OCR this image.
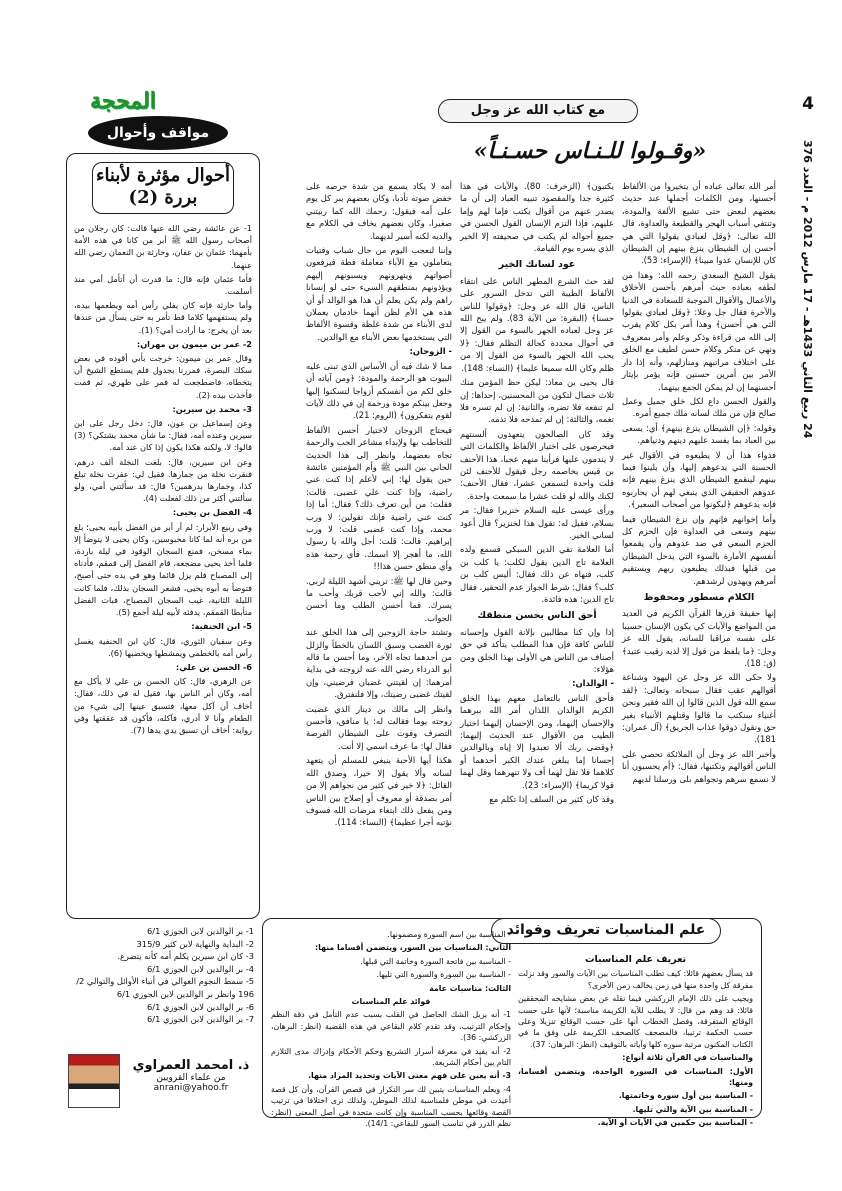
4
24 ربيع الثاني 1433هـ - 17 مارس 2012 م - العدد 376
المحجة
مواقف وأحوال
مع كتاب الله عز وجل
«وقـولوا للـنـاس حسـنـاً»

أمر الله تعالى عباده أن يتخيروا من الألفاظ أحسنها، ومن الكلمات أجملها عند حديث بعضهم لبعض حتى تشيع الألفة والمودة، وتنتفي أسباب الهجر والقطيعة والعداوة، قال الله تعالى: ﴿وقل لعبادي يقولوا التي هي أحسن إن الشيطان ينزغ بينهم إن الشيطان كان للإنسان عدوا مبينا﴾ (الإسراء: 53).

يقول الشيخ السعدي رحمه الله: وهذا من لطفه بعباده حيث أمرهم بأحسن الأخلاق والأعمال والأقوال الموجبة للسعادة في الدنيا والآخرة فقال جل وعلا: ﴿وقل لعبادي يقولوا التي هي أحسن﴾ وهذا أمر بكل كلام يقرب إلى الله من قراءة وذكر وعلم وأمر بمعروف ونهي عن منكر وكلام حسن لطيف مع الخلق على اختلاف مراتبهم ومنازلهم، وأنه إذا دار الأمر بين أمرين حسنين فإنه يؤمر بإيثار أحسنهما إن لم يمكن الجمع بينهما.

والقول الحسن داع لكل خلق جميل وعمل صالح فإن من ملك لسانه ملك جميع أمره.

وقوله: ﴿إن الشيطان ينزغ بينهم﴾ أي: يسعى بين العباد بما يفسد عليهم دينهم ودنياهم.

فدواء هذا أن لا يطيعوه في الأقوال غير الحسنة التي يدعوهم إليها، وأن يلينوا فيما بينهم لينقمع الشيطان الذي ينزغ بينهم فإنه عدوهم الحقيقي الذي ينبغي لهم أن يحاربوه فإنه يدعوهم ﴿ليكونوا من أصحاب السعير﴾.

وأما إخوانهم فإنهم وإن نزغ الشيطان فيما بينهم وسعى في العداوة فإن الحزم كل الحزم السعي في ضد عدوهم وأن يقمعوا أنفسهم الأمارة بالسوء التي يدخل الشيطان من قبلها فبذلك يطيعون ربهم ويستقيم أمرهم ويهدون لرشدهم.

الكلام مسطور ومحفوظ

إنها حقيقة قررها القرآن الكريم في العديد من المواضع والآيات كي يكون الإنسان حسيبا على نفسه مراقبا للسانه، يقول الله عز وجل: ﴿ما يلفظ من قول إلا لديه رقيب عتيد﴾ (ق: 18).

ولا حكى الله عز وجل عن اليهود وشناعة أقوالهم عقب فقال سبحانه وتعالى: ﴿لقد سمع الله قول الذين قالوا إن الله فقير ونحن أغنياء سنكتب ما قالوا وقتلهم الأنبياء بغير حق ونقول ذوقوا عذاب الحريق﴾ (آل عمران: 181).

وأخبر الله عز وجل أن الملائكة تحصي على الناس أقوالهم وتكتبها، فقال: ﴿أم يحسبون أنا لا نسمع سرهم ونجواهم بلى ورسلنا لديهم

يكتبون﴾ (الزخرف: 80). والآيات في هذا كثيرة جدا والمقصود تنبيه العباد إلى أن ما يصدر عنهم من أقوال يكتب فإما لهم وإما عليهم، فإذا التزم الإنسان القول الحسن في جميع أحواله لم يكتب في صحيفته إلا الخير الذي يسره يوم القيامة.

عود لسانك الخير

لقد حث الشرع المطهر الناس على انتقاء الألفاظ الطيبة التي تدخل السرور على الناس، قال الله عز وجل: ﴿وقولوا للناس حسنا﴾ (البقرة: من الآية 83). ولم يبح الله عز وجل لعباده الجهر بالسوء من القول إلا في أحوال محددة كحالة التظلم فقال: ﴿لا يحب الله الجهر بالسوء من القول إلا من ظلم وكان الله سميعا عليما﴾ (النساء: 148).

قال يحيى بن معاذ: ليكن حظ المؤمن منك ثلاث خصال لتكون من المحسنين، إحداها: إن لم تنفعه فلا تضره، والثانية: إن لم تسره فلا تغمه، والثالثة: إن لم تمدحه فلا تذمه.

وقد كان الصالحون يتعهدون ألسنتهم فيحرصون على اختيار الألفاظ والكلمات التي لا يندمون عليها فرأينا منهم عجبا، هذا الأحنف بن قيس بخاصمه رجل فيقول للأحنف لئن قلت واحدة لتسمعن عشرا، فقال الأحنف: لكنك والله لو قلت عشرا ما سمعت واحدة.

ورأى عيسى عليه السلام خنزيرا فقال: مر بسلام، فقيل له: تقول هذا لخنزير؟ قال أعود لساني الخير.

أما العلامة تقي الدين السبكي فسمع ولده العلامة تاج الدين يقول لكلب: يا كلب بن كلب، فنهاه عن ذلك فقال: أليس كلب بن كلب؟ فقال: شرط الجواز عدم التحقير. فقال تاج الدين: هذه فائدة.

أحق الناس بحسن منطقك

إذا وإن كنا مطالبين بإلانة القول وإحسانه للناس كافة فإن هذا المطلب يتأكد في حق أصناف من الناس هي الأولى بهذا الخلق ومن هؤلاء:

- الوالدان:

فأحق الناس بالتعامل معهم بهذا الخلق الكريم الوالدان اللذان أمر الله ببرهما والإحسان إليهما، ومن الإحسان إليهما اختيار الطيب من الأقوال عند الحديث إليهما: ﴿وقضى ربك ألا تعبدوا إلا إياه وبالوالدين إحسانا إما يبلغن عندك الكبر أحدهما أو كلاهما فلا تقل لهما أف ولا تنهرهما وقل لهما قولا كريما﴾ (الإسراء: 23).

وقد كان كثير من السلف إذا تكلم مع

أمه لا يكاد يسمع من شدة حرصه على خفض صوته تأدبا، وكان بعضهم يبر كل يوم على أمه فيقول: رحمك الله كما ربيتني صغيرا، وكان بعضهم يخاف في الكلام مع والديه لكنه أسير لديهما.

وإننا لنعجب اليوم من حال شباب وفتيات يتعاملون مع الآباء معاملة فظة فيرفعون أصواتهم وينهرونهم ويسبونهم إليهم ويؤذونهم بمنطقهم السيء حتى لو إنسانا راهم ولم يكن يعلم أن هذا هو الوالد أو أن هذه هي الأم لظن أنهما خادمان يعملان لدى الأبناء من شدة غلظة وقسوة الألفاظ التي يستخدمها بعض الأبناء مع الوالدين.

- الزوجان:

مما لا شك فيه أن الأساس الذي تبنى عليه البيوت هو الرحمة والمودة: ﴿ومن آياته أن خلق لكم من أنفسكم أزواجا لتسكنوا إليها وجعل بينكم مودة ورحمة إن في ذلك لآيات لقوم يتفكرون﴾ (الروم: 21).

فيحتاج الزوجان لاختيار أحسن الألفاظ للتخاطب بها ولإبداء مشاعر الحب والرحمة تجاه بعضهما، وانظر إلى هذا الحديث الحاني بين النبي ﷺ وأم المؤمنين عائشة حين يقول لها: إني لأعلم إذا كنت عني راضية، وإذا كنت علي غضبى. قالت: فقلت: من أين تعرف ذلك؟ فقال: أما إذا كنت عني راضية فإنك تقولين: لا ورب محمد، وإذا كنت غضبى قلت: لا ورب إبراهيم. قالت: قلت: أجل والله يا رسول الله، ما أهجر إلا اسمك. فأي رحمة هذه وأي منطق حسن هذا!!

وحين قال لها ﷺ: تريني أشهد الليلة لربي. قالت: والله إني لأحب قربك وأحب ما يسرك. فما أحسن الطلب وما أحسن الجواب.

وتشتد حاجة الزوجين إلى هذا الخلق عند ثورة الغضب وسبق اللسان بالخطأ والزلل من أحدهما تجاه الآخر، وما أحسن ما قاله أبو الدرداء رضي الله عنه لزوجته في بداية أمرهما: إن لقيتني غضبان فرضيني، وإن لقيتك غضبى رضيتك، وإلا فلنفترق.

وانظر إلى مالك بن دينار الذي غضبت زوجته يوما فقالت له: يا منافق، فأحسن التصرف وفوت على الشيطان الفرصة فقال لها: ما عرف اسمي إلا أنت.

هكذا أيها الأحبة ينبغي للمسلم أن يتعهد لسانه وألا يقول إلا خيرا، وصدق الله القائل: ﴿لا خير في كثير من نجواهم إلا من أمر بصدقة أو معروف أو إصلاح بين الناس ومن يفعل ذلك ابتغاء مرضات الله فسوف نؤتيه أجرا عظيما﴾ (النساء: 114).

أحوال مؤثرة لأبناء بررة (2)

1- عن عائشة رضي الله عنها قالت: كان رجلان من أصحاب رسول الله ﷺ أبر من كانا في هذه الأمة بأمهما: عثمان بن عفان، وحارثة بن النعمان رضي الله عنهما.

فأما عثمان فإنه قال: ما قدرت أن أتأمل أمي منذ أسلمت.

وأما حارثة فإنه كان يفلي رأس أمه ويطعمها بيده، ولم يستفهمها كلاما قط تأمر به حتى يسأل من عندها بعد أن يخرج: ما أرادت أمي؟ (1).

2- عمر بن ميمون بن مهران:

وقال عمر بن ميمون: خرجت بأبي أقوده في بعض سكك البصرة، فمررنا بجدول فلم يستطع الشيخ أن يتخطاه، فاضطجعت له فمر على ظهري، ثم قمت فأخذت بيده (2).

3- محمد بن سيرين:

وعن إسماعيل بن عون، قال: دخل رجل على ابن سيرين وعنده أمه، فقال: ما شأن محمد يشتكي؟ (3) قالوا: لا، ولكنه هكذا يكون إذا كان عند أمه.

وعن ابن سيرين، قال: بلغت النخلة ألف درهم، فنقرت نخلة من جمارها. فقيل لي: عقرت نخلة تبلغ كذا، وجمارها بدرهمين؟ قال: قد سألتني أمي، ولو سألتني أكثر من ذلك لفعلت (4).

4- الفضل بن يحيى:

وفي ربيع الأبرار: لم أر أبر من الفضل بأبيه يحيى؛ بلغ من بره أنه لما كانا محبوسين، وكان يحيى لا يتوضأ إلا بماء مسخن، فمنع السجان الوقود في ليلة باردة، فلما أخذ يحيى مضجعه، قام الفضل إلى قمقم، فأدناه إلى المصباح فلم يزل قائما وهو في يده حتى أصبح، فتوضأ به أبوه يحيى، فشعر السجان بذلك، فلما كانت الليلة الثانية، غيب السجان المصباح، فبات الفضل متأبطا القمقم، يدفئه لأبيه ليلة أجمع (5).

5- ابن الحنفية:

وعن سفيان الثوري، قال: كان ابن الحنفية يغسل رأس أمه بالخطمي ويمشطها ويخضبها (6).

6- الحسن بن علي:

عن الزهري، قال: كان الحسن بن علي لا يأكل مع أمه، وكان أبر الناس بها، فقيل له في ذلك، فقال: أخاف أن آكل معها، فتسبق عينها إلى شيء من الطعام وأنا لا أدري، فآكله، فأكون قد عققتها وفي رواية: أخاف أن تسبق يدي يدها (7).

1- بر الوالدين لابن الجوزي 6/1
2- البداية والنهاية لابن كثير 315/9
3- كان ابن سيرين يكلم أمه كأنه يتضرع.
4- بر الوالدين لابن الجوزي 6/1
5- سمط النجوم العوالي في أنباء الأوائل والتوالي 2/ 196 وانظر بر الوالدين لابن الجوزي 6/1
6- بر الوالدين لابن الجوزي 6/1
7- بر الوالدين لابن الجوزي 6/1
ذ. امحمد العمراوي
من علماء القرويين
anrani@yahoo.fr
علم المناسبات تعريف وفوائد
تعريف علم المناسبات

قد يسأل بعضهم قائلا: كيف تطلب المناسبات بين الآيات والسور وقد نزلت مفرقة كل واحدة منها في زمن يخالف زمن الأخرى؟

ويجيب على ذلك الإمام الزركشي فيما نقله عن بعض مشايخه المحققين قائلا: قد وهم من قال: لا يطلب للآية الكريمة مناسبة؛ لأنها على حسب الوقائع المتفرقة، وفصل الخطاب أنها على حسب الوقائع تنزيلا وعلى حسب الحكمة ترتيبا، فالمصحف كالصحف الكريمة على وفق ما في الكتاب المكنون مرتبة سوره كلها وآياته بالتوقيف (انظر: البرهان: 37).

والمناسبات في القرآن ثلاثة أنواع:

الأول: المناسبات في السورة الواحدة، ويتضمن أقساما، ومنها:

- المناسبة بين أول سورة وخاتمتها.

- المناسبة بين الآية والتي تليها.

- المناسبة بين حكمين في الآيات أو الآية.

- المناسبة بين اسم السورة ومضمونها.

الثاني: المناسبات بين السور، ويتضمن أقساما منها:

- المناسبة بين فاتحة السورة وخاتمة التي قبلها.

- المناسبة بين السورة والسورة التي تليها.

الثالث: مناسبات عامة

فوائد علم المناسبات

1- أنه يزيل الشك الحاصل في القلب بسبب عدم التأمل في دقة النظم وإحكام الترتيب، وقد تقدم كلام البقاعي في هذه القضية (انظر: البرهان، الزركشي: 36).

2- أنه يفيد في معرفة أسرار التشريع وحكم الأحكام وإدراك مدى التلازم التام بين أحكام الشريعة.

3- أنه يعين على فهم معنى الآيات وتحديد المراد منها.

4- ويعلم المناسبات يتبين لك سر التكرار في قصص القرآن، وأن كل قصة أعيدت في موطن فلمناسبة لذلك الموطن، ولذلك ترى اختلافا في ترتيب القصة وقائعها بحسب المناسبة وإن كانت متحدة في أصل المعنى (انظر: نظم الدرر في تناسب السور للبقاعي: 14/1).
